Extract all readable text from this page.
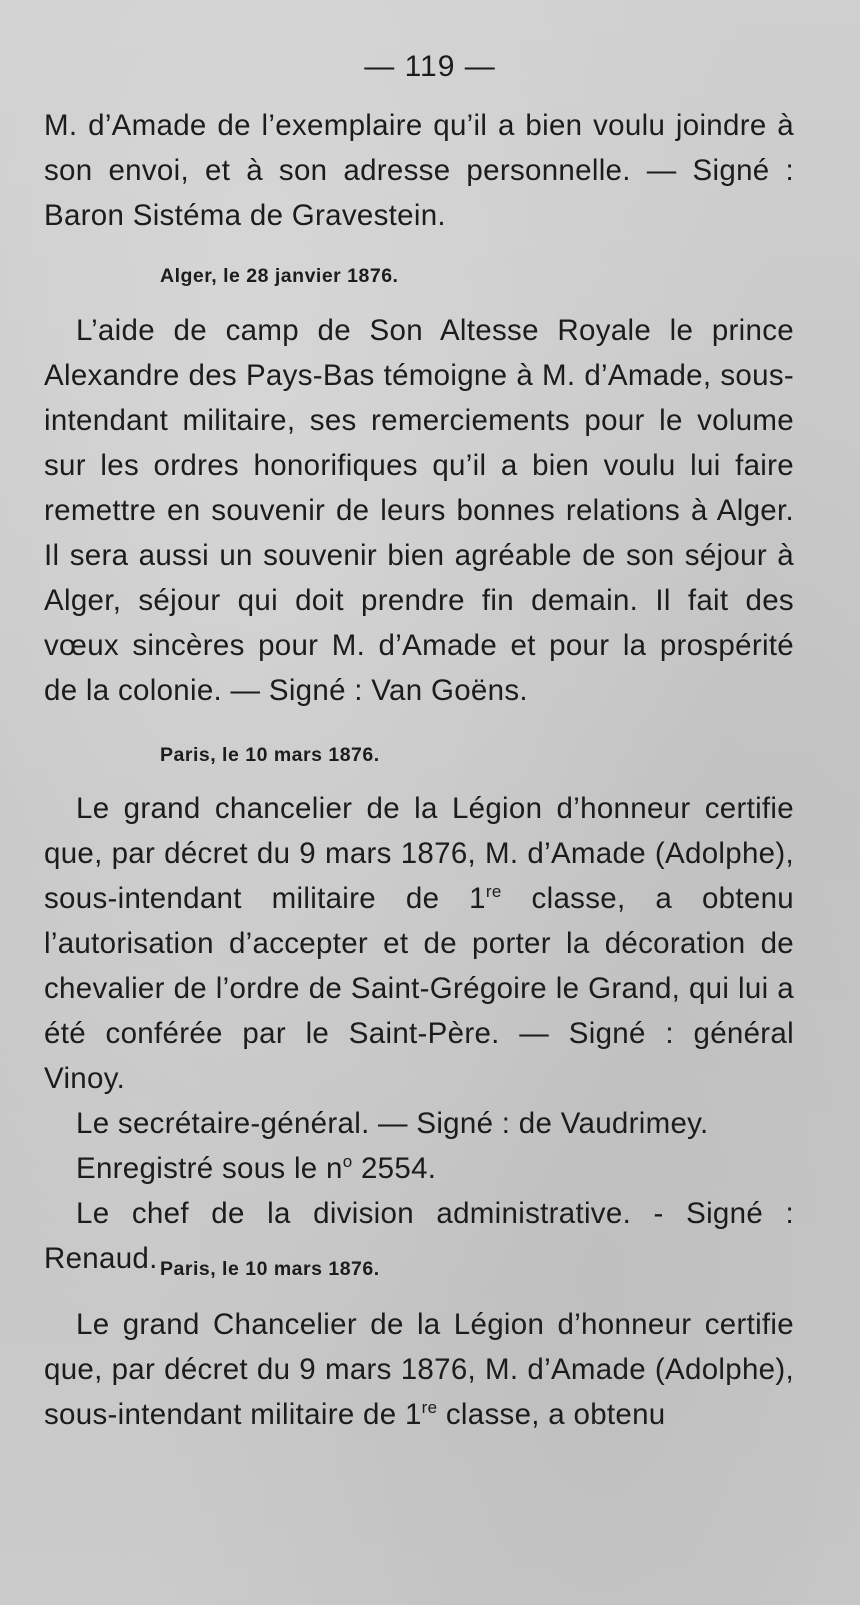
— 119 —

M. d’Amade de l’exemplaire qu’il a bien voulu joindre à son envoi, et à son adresse personnelle. — Signé : Baron Sistéma de Gravestein.

Alger, le 28 janvier 1876.

L’aide de camp de Son Altesse Royale le prince Alexandre des Pays-Bas témoigne à M. d’Amade, sous-intendant militaire, ses remerciements pour le volume sur les ordres honorifiques qu’il a bien voulu lui faire remettre en souvenir de leurs bonnes relations à Alger. Il sera aussi un souvenir bien agréable de son séjour à Alger, séjour qui doit prendre fin demain. Il fait des vœux sincères pour M. d’Amade et pour la prospérité de la colonie. — Signé : Van Goëns.

Paris, le 10 mars 1876.

Le grand chancelier de la Légion d’honneur certifie que, par décret du 9 mars 1876, M. d’Amade (Adolphe), sous-intendant militaire de 1re classe, a obtenu l’autorisation d’accepter et de porter la décoration de chevalier de l’ordre de Saint-Grégoire le Grand, qui lui a été conférée par le Saint-Père. — Signé : général Vinoy.

Le secrétaire-général. — Signé : de Vaudrimey.

Enregistré sous le $n^o$ 2554.

Le chef de la division administrative. - Signé : Renaud. Paris, le 10 mars 1876.

Le grand Chancelier de la Légion d’honneur certifie que, par décret du 9 mars 1876, M. d’Amade (Adolphe), sous-intendant militaire de 1re classe, a obtenu
